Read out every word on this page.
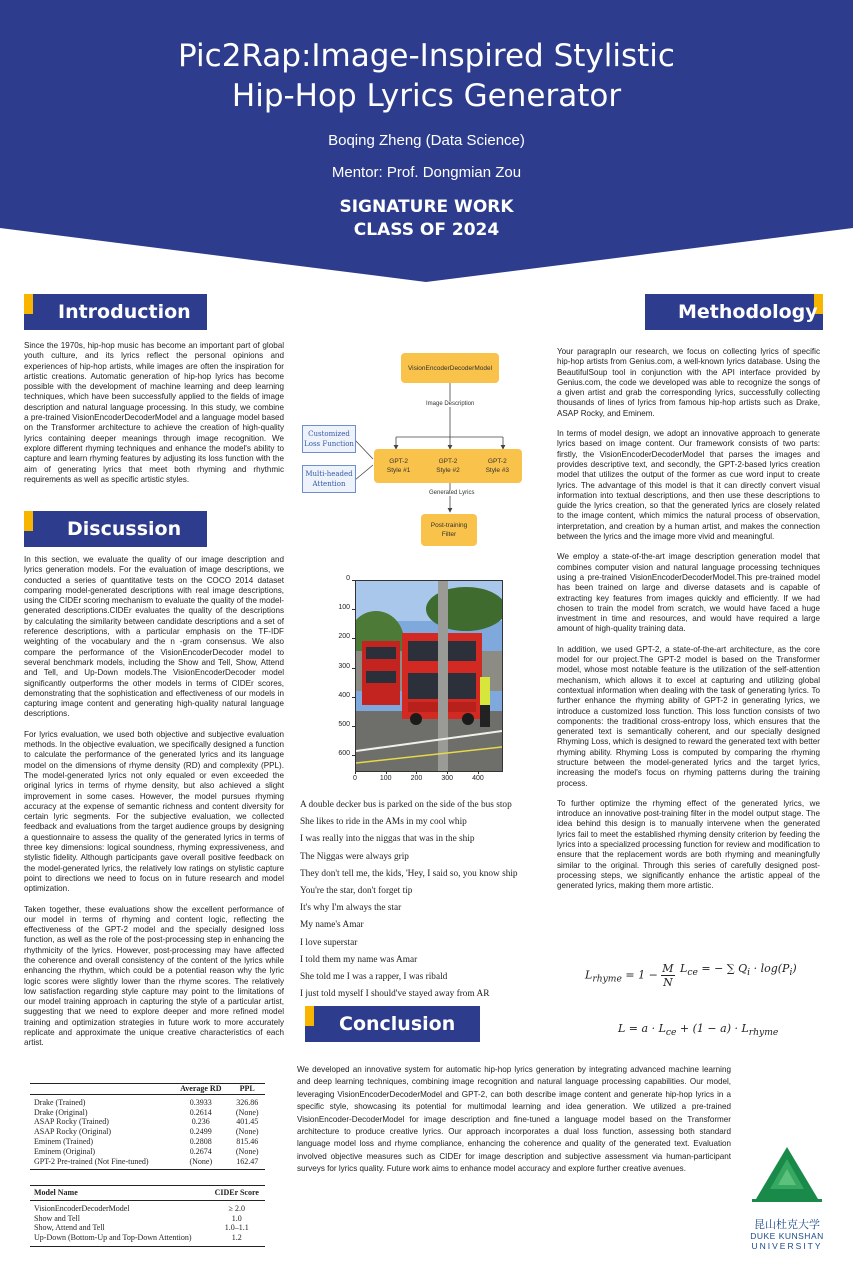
Pic2Rap:Image-Inspired Stylistic
Hip-Hop Lyrics Generator
Boqing Zheng (Data Science)
Mentor: Prof. Dongmian Zou
SIGNATURE WORK
CLASS OF 2024
Introduction

Since the 1970s, hip-hop music has become an important part of global youth culture, and its lyrics reflect the personal opinions and experiences of hip-hop artists, while images are often the inspiration for artistic creations. Automatic generation of hip-hop lyrics has become possible with the development of machine learning and deep learning techniques, which have been successfully applied to the fields of image description and natural language processing. In this study, we combine a pre-trained VisionEncoderDecoderModel and a language model based on the Transformer architecture to achieve the creation of high-quality lyrics containing deeper meanings through image recognition. We explore different rhyming techniques and enhance the model's ability to capture and learn rhyming features by adjusting its loss function with the aim of generating lyrics that meet both rhyming and rhythmic requirements as well as specific artistic styles.

Discussion

In this section, we evaluate the quality of our image description and lyrics generation models. For the evaluation of image descriptions, we conducted a series of quantitative tests on the COCO 2014 dataset comparing model-generated descriptions with real image descriptions, using the CIDEr scoring mechanism to evaluate the quality of the model-generated descriptions.CIDEr evaluates the quality of the descriptions by calculating the similarity between candidate descriptions and a set of reference descriptions, with a particular emphasis on the TF-IDF weighting of the vocabulary and the n -gram consensus. We also compare the performance of the VisionEncoderDecoder model to several benchmark models, including the Show and Tell, Show, Attend and Tell, and Up-Down models.The VisionEncoderDecoder model significantly outperforms the other models in terms of CIDEr scores, demonstrating that the sophistication and effectiveness of our models in capturing image content and generating high-quality natural language descriptions.

For lyrics evaluation, we used both objective and subjective evaluation methods. In the objective evaluation, we specifically designed a function to calculate the performance of the generated lyrics and its language model on the dimensions of rhyme density (RD) and complexity (PPL). The model-generated lyrics not only equaled or even exceeded the original lyrics in terms of rhyme density, but also achieved a slight improvement in some cases. However, the model pursues rhyming accuracy at the expense of semantic richness and content diversity for certain lyric segments. For the subjective evaluation, we collected feedback and evaluations from the target audience groups by designing a questionnaire to assess the quality of the generated lyrics in terms of three key dimensions: logical soundness, rhyming expressiveness, and stylistic fidelity. Although participants gave overall positive feedback on the model-generated lyrics, the relatively low ratings on stylistic capture point to directions we need to focus on in future research and model optimization.

Taken together, these evaluations show the excellent performance of our model in terms of rhyming and content logic, reflecting the effectiveness of the GPT-2 model and the specially designed loss function, as well as the role of the post-processing step in enhancing the rhythmicity of the lyrics. However, post-processing may have affected the coherence and overall consistency of the content of the lyrics while enhancing the rhythm, which could be a potential reason why the lyric logic scores were slightly lower than the rhyme scores. The relatively low satisfaction regarding style capture may point to the limitations of our model training approach in capturing the style of a particular artist, suggesting that we need to explore deeper and more refined model training and optimization strategies in future work to more accurately replicate and approximate the unique creative characteristics of each artist.

Methodology

Your paragrapIn our research, we focus on collecting lyrics of specific hip-hop artists from Genius.com, a well-known lyrics database. Using the BeautifulSoup tool in conjunction with the API interface provided by Genius.com, the code we developed was able to recognize the songs of a given artist and grab the corresponding lyrics, successfully collecting thousands of lines of lyrics from famous hip-hop artists such as Drake, ASAP Rocky, and Eminem.

In terms of model design, we adopt an innovative approach to generate lyrics based on image content. Our framework consists of two parts: firstly, the VisionEncoderDecoderModel that parses the images and provides descriptive text, and secondly, the GPT-2-based lyrics creation model that utilizes the output of the former as cue word input to create lyrics. The advantage of this model is that it can directly convert visual information into textual descriptions, and then use these descriptions to guide the lyrics creation, so that the generated lyrics are closely related to the image content, which mimics the natural process of observation, interpretation, and creation by a human artist, and makes the connection between the lyrics and the image more vivid and meaningful.

We employ a state-of-the-art image description generation model that combines computer vision and natural language processing techniques using a pre-trained VisionEncoderDecoderModel.This pre-trained model has been trained on large and diverse datasets and is capable of extracting key features from images quickly and efficiently. If we had chosen to train the model from scratch, we would have faced a huge investment in time and resources, and would have required a large amount of high-quality training data.

In addition, we used GPT-2, a state-of-the-art architecture, as the core model for our project.The GPT-2 model is based on the Transformer model, whose most notable feature is the utilization of the self-attention mechanism, which allows it to excel at capturing and utilizing global contextual information when dealing with the task of generating lyrics. To further enhance the rhyming ability of GPT-2 in generating lyrics, we introduce a customized loss function. This loss function consists of two components: the traditional cross-entropy loss, which ensures that the generated text is semantically coherent, and our specially designed Rhyming Loss, which is designed to reward the generated text with better rhyming ability. Rhyming Loss is computed by comparing the rhyming structure between the model-generated lyrics and the target lyrics, increasing the model's focus on rhyming patterns during the training process.

To further optimize the rhyming effect of the generated lyrics, we introduce an innovative post-training filter in the model output stage. The idea behind this design is to manually intervene when the generated lyrics fail to meet the established rhyming density criterion by feeding the lyrics into a specialized processing function for review and modification to ensure that the replacement words are both rhyming and meaningfully similar to the original. Through this series of carefully designed post-processing steps, we significantly enhance the artistic appeal of the generated lyrics, making them more artistic.

VisionEncoderDecoderModel
Image Description
GPT-2
Style #1
GPT-2
Style #2
GPT-2
Style #3
Customized
Loss Function
Multi-headed
Attention
Generated Lyrics
Post-training
Filter
0
100
200
300
400
500
600
0	100	200	300	400
A double decker bus is parked on the side of the bus stop
She likes to ride in the AMs in my cool whip
I was really into the niggas that was in the ship
The Niggas were always grip
They don't tell me, the kids, 'Hey, I said so, you know ship
You're the star, don't forget tip
It's why I'm always the star
My name's Amar
I love superstar
I told them my name was Amar
She told me I was a rapper, I was ribald
I just told myself I should've stayed away from AR
$L_{rhyme} = 1 - \frac{M}{N} L_{ce}$ = − ∑ $Q_i \cdot \log(P_i)$
$L = a \cdot L_{ce} + (1 - a) \cdot L_{rhyme}$
Conclusion
We developed an innovative system for automatic hip-hop lyrics generation by integrating advanced machine learning and deep learning techniques, combining image recognition and natural language processing capabilities. Our model, leveraging VisionEncoderDecoderModel and GPT-2, can both describe image content and generate hip-hop lyrics in a specific style, showcasing its potential for multimodal learning and idea generation. We utilized a pre-trained VisionEncoder-DecoderModel for image description and fine-tuned a language model based on the Transformer architecture to produce creative lyrics. Our approach incorporates a dual loss function, assessing both standard language model loss and rhyme compliance, enhancing the coherence and quality of the generated text. Evaluation involved objective measures such as CIDEr for image description and subjective assessment via human-participant surveys for lyrics quality. Future work aims to enhance model accuracy and explore further creative avenues.
	Average RD	PPL
Drake (Trained)	0.3933	326.86
Drake (Original)	0.2614	(None)
ASAP Rocky (Trained)	0.236	401.45
ASAP Rocky (Original)	0.2499	(None)
Eminem (Trained)	0.2808	815.46
Eminem (Original)	0.2674	(None)
GPT-2 Pre-trained (Not Fine-tuned)	(None)	162.47
Model Name	CIDEr Score
VisionEncoderDecoderModel	≥ 2.0
Show and Tell	1.0
Show, Attend and Tell	1.0–1.1
Up-Down (Bottom-Up and Top-Down Attention)	1.2
昆山杜克大学
DUKE KUNSHAN
UNIVERSITY
